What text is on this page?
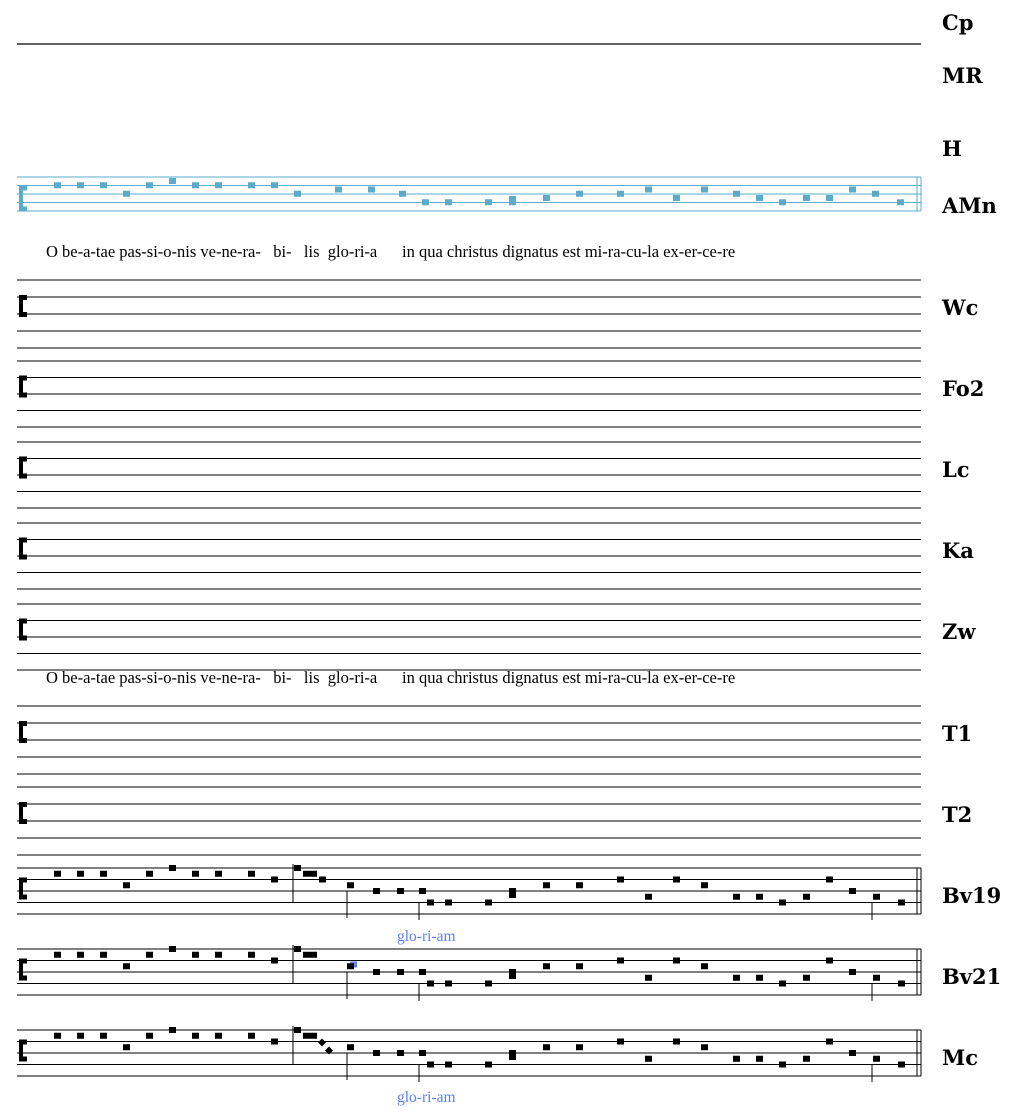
Cp
MR
H
AMn
Wc
Fo2
Lc
Ka
Zw
T1
T2
Bv19
Bv21
Mc
O be-a-tae pas-si-o-nis ve-ne-ra-   bi-   lis  glo-ri-a      in qua christus dignatus est mi-ra-cu-la ex-er-ce-re
O be-a-tae pas-si-o-nis ve-ne-ra-   bi-   lis  glo-ri-a      in qua christus dignatus est mi-ra-cu-la ex-er-ce-re
glo-ri-am
glo-ri-am
